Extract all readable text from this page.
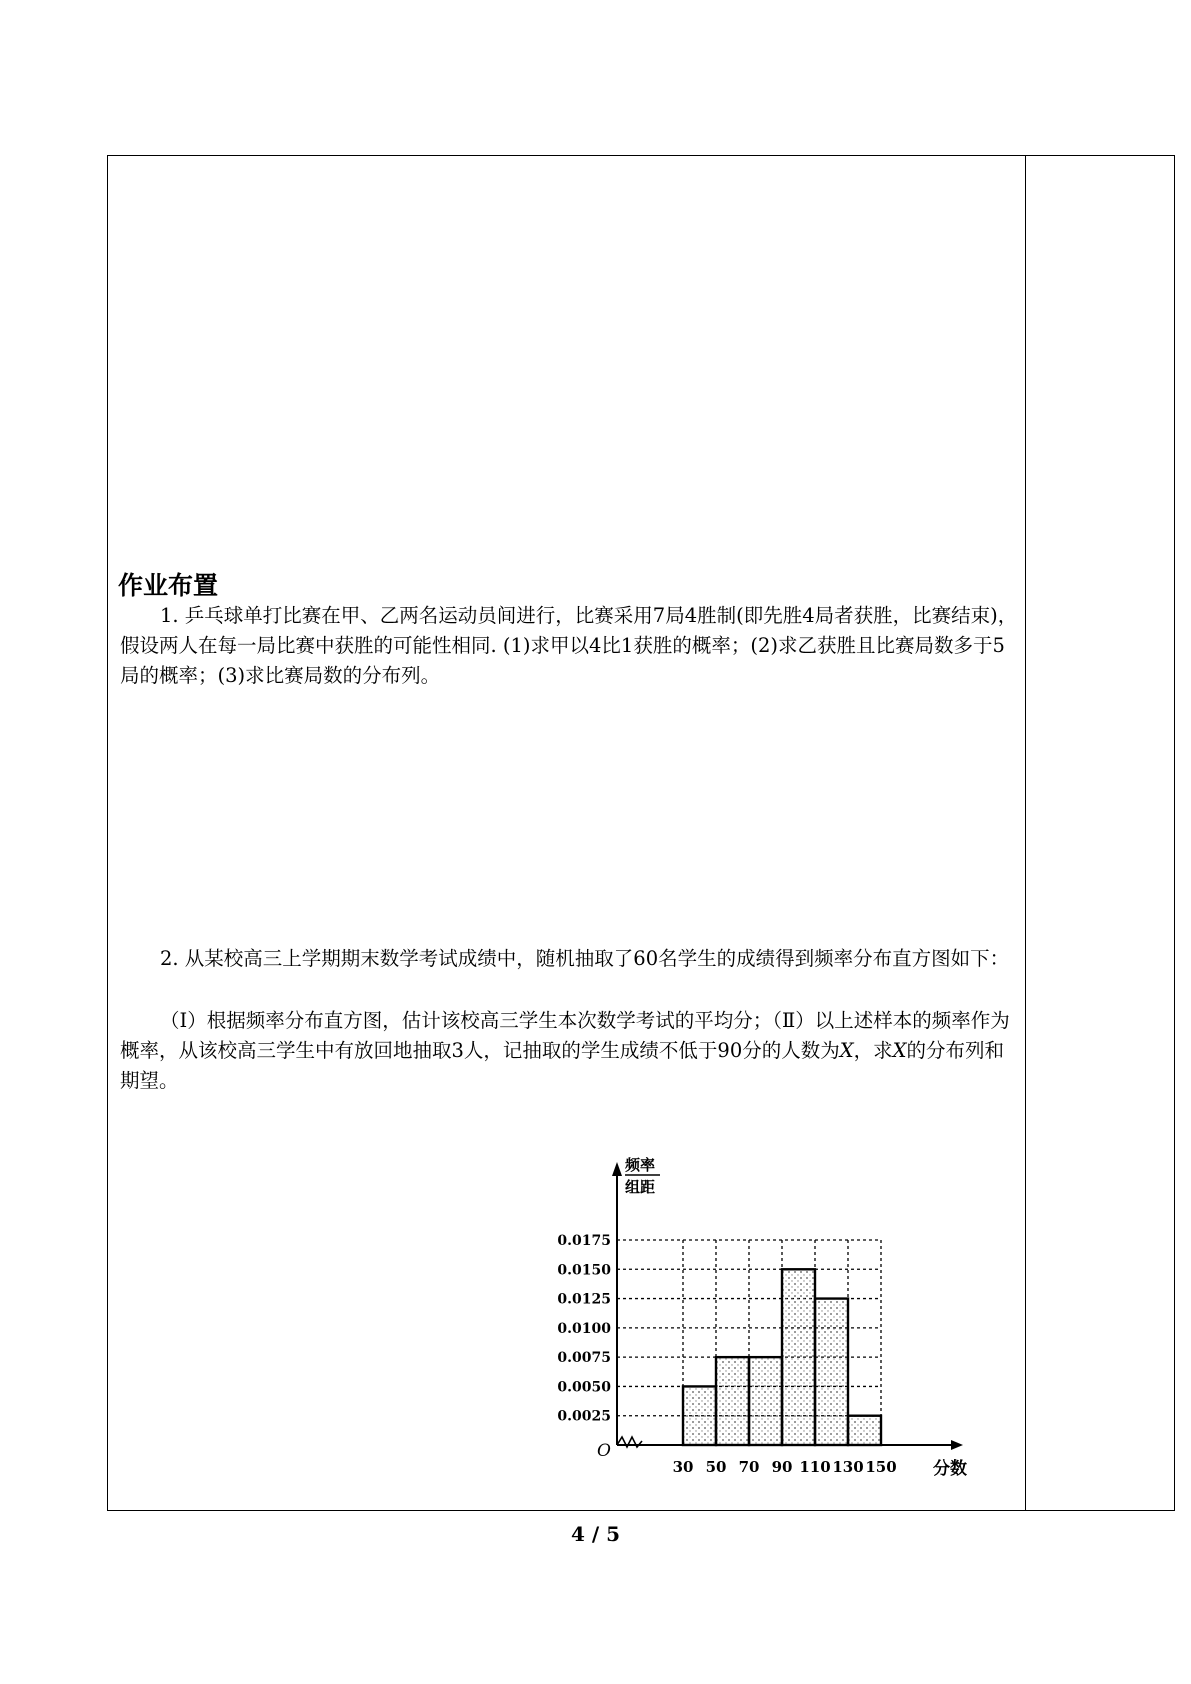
作业布置
1. 乒乓球单打比赛在甲、乙两名运动员间进行，比赛采用7局4胜制(即先胜4局者获胜，比赛结束)，假设两人在每一局比赛中获胜的可能性相同. (1)求甲以4比1获胜的概率；(2)求乙获胜且比赛局数多于5局的概率；(3)求比赛局数的分布列。
2. 从某校高三上学期期末数学考试成绩中，随机抽取了60名学生的成绩得到频率分布直方图如下：
（Ⅰ）根据频率分布直方图，估计该校高三学生本次数学考试的平均分；（Ⅱ）以上述样本的频率作为概率，从该校高三学生中有放回地抽取3人，记抽取的学生成绩不低于90分的人数为X，求X的分布列和期望。
0.0025
0.0050
0.0075
0.0100
0.0125
0.0150
0.0175
30 50 70 90 110 130 150
O
分数
频率
组距
4 / 5
